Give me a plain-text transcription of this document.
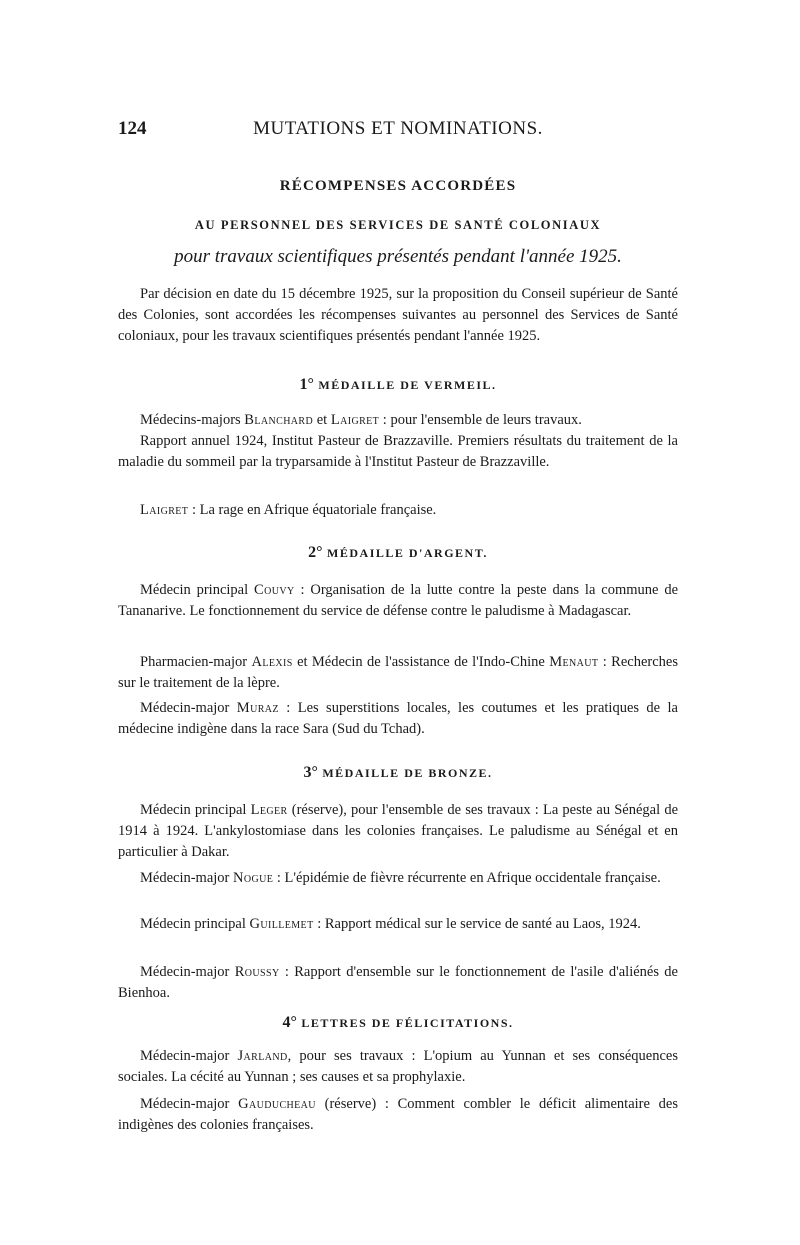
124	MUTATIONS ET NOMINATIONS.
RÉCOMPENSES ACCORDÉES
AU PERSONNEL DES SERVICES DE SANTÉ COLONIAUX
pour travaux scientifiques présentés pendant l'année 1925.

Par décision en date du 15 décembre 1925, sur la proposition du Conseil supérieur de Santé des Colonies, sont accordées les récompenses suivantes au personnel des Services de Santé coloniaux, pour les travaux scientifiques présentés pendant l'année 1925.

1° MÉDAILLE DE VERMEIL.

Médecins-majors Blanchard et Laigret : pour l'ensemble de leurs travaux.

Rapport annuel 1924, Institut Pasteur de Brazzaville. Premiers résultats du traitement de la maladie du sommeil par la tryparsamide à l'Institut Pasteur de Brazzaville.

Laigret : La rage en Afrique équatoriale française.

2° MÉDAILLE D'ARGENT.

Médecin principal Couvy : Organisation de la lutte contre la peste dans la commune de Tananarive. Le fonctionnement du service de défense contre le paludisme à Madagascar.

Pharmacien-major Alexis et Médecin de l'assistance de l'Indo-Chine Menaut : Recherches sur le traitement de la lèpre.

Médecin-major Muraz : Les superstitions locales, les coutumes et les pratiques de la médecine indigène dans la race Sara (Sud du Tchad).

3° MÉDAILLE DE BRONZE.

Médecin principal Leger (réserve), pour l'ensemble de ses travaux : La peste au Sénégal de 1914 à 1924. L'ankylostomiase dans les colonies françaises. Le paludisme au Sénégal et en particulier à Dakar.

Médecin-major Nogue : L'épidémie de fièvre récurrente en Afrique occidentale française.

Médecin principal Guillemet : Rapport médical sur le service de santé au Laos, 1924.

Médecin-major Roussy : Rapport d'ensemble sur le fonctionnement de l'asile d'aliénés de Bienhoa.

4° LETTRES DE FÉLICITATIONS.

Médecin-major Jarland, pour ses travaux : L'opium au Yunnan et ses conséquences sociales. La cécité au Yunnan ; ses causes et sa prophylaxie.

Médecin-major Gauducheau (réserve) : Comment combler le déficit alimentaire des indigènes des colonies françaises.
